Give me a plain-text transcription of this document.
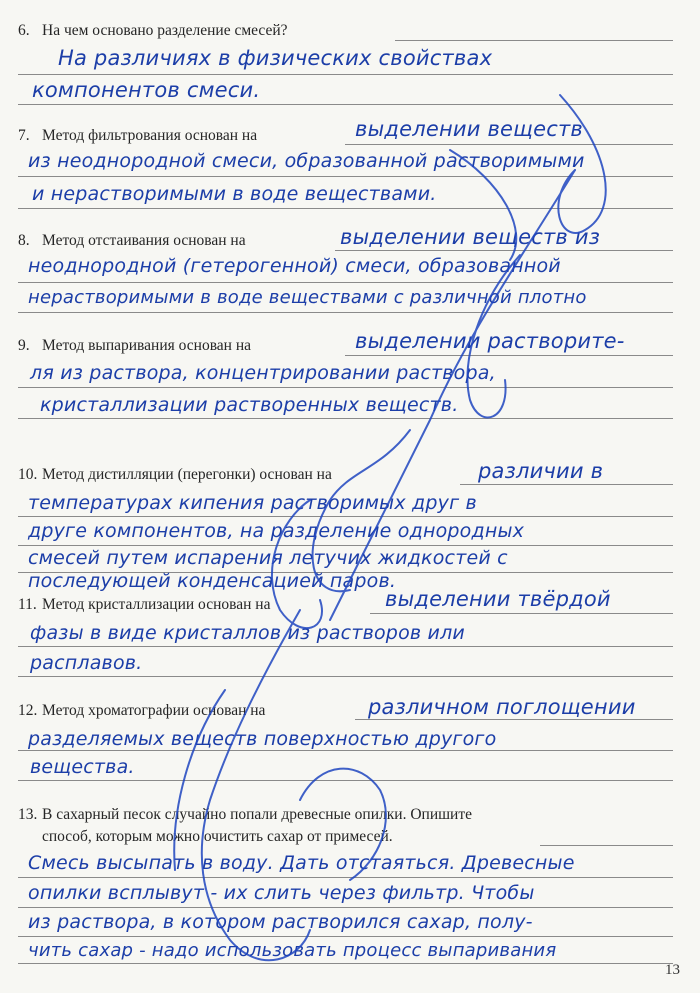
6. На чем основано разделение смесей?
На различиях в физических свойствах
компонентов смеси.
7. Метод фильтрования основан на	выделении веществ
из неоднородной смеси, образованной растворимыми
и нерастворимыми в воде веществами.
8. Метод отстаивания основан на	выделении веществ из
неоднородной (гетерогенной) смеси, образованной
нерастворимыми в воде веществами с различной плотно
9. Метод выпаривания основан на	выделении растворите-
ля из раствора, концентрировании раствора,
кристаллизации растворенных веществ.
10. Метод дистилляции (перегонки) основан на	различии в
температурах кипения растворимых друг в
друге компонентов, на разделение однородных
смесей путем испарения летучих жидкостей с
последующей конденсацией паров.
11. Метод кристаллизации основан на	выделении твёрдой
фазы в виде кристаллов из растворов или
расплавов.
12. Метод хроматографии основан на	различном поглощении
разделяемых веществ поверхностью другого
вещества.
13. В сахарный песок случайно попали древесные опилки. Опишите
способ, которым можно очистить сахар от примесей.
Смесь высыпать в воду. Дать отстаяться. Древесные
опилки всплывут - их слить через фильтр. Чтобы
из раствора, в котором растворился сахар, полу-
чить сахар - надо использовать процесс выпаривания
13
